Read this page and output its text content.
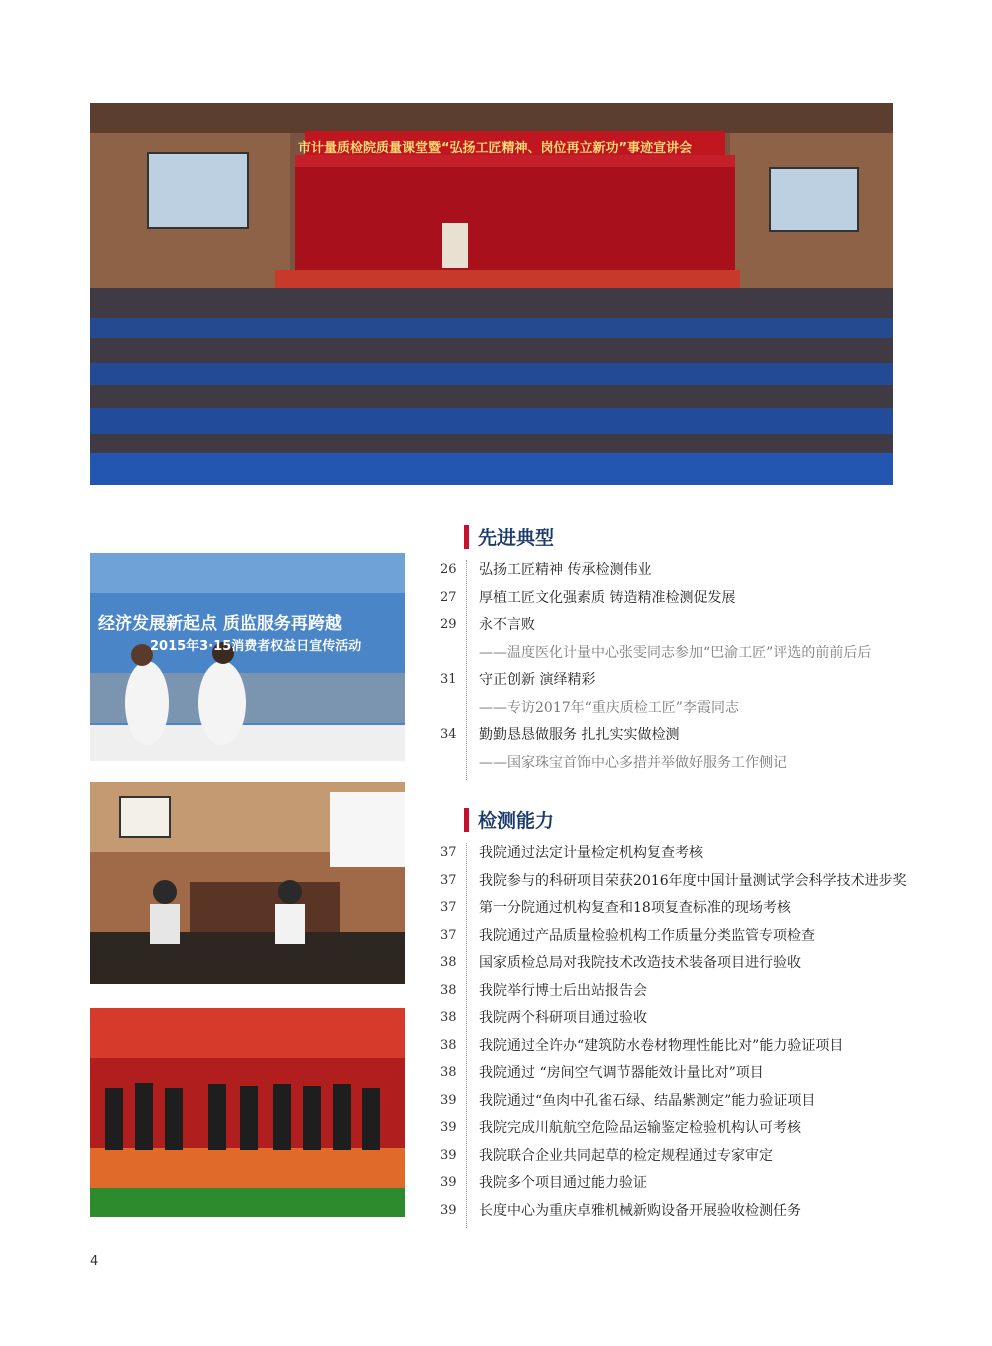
市计量质检院质量课堂暨“弘扬工匠精神、岗位再立新功”事迹宣讲会
经济发展新起点 质监服务再跨越
2015年3·15消费者权益日宣传活动
先进典型
26	弘扬工匠精神 传承检测伟业
27	厚植工匠文化强素质 铸造精准检测促发展
29	永不言败
——温度医化计量中心张雯同志参加“巴渝工匠”评选的前前后后
31	守正创新 演绎精彩
——专访2017年“重庆质检工匠”李霞同志
34	勤勤恳恳做服务 扎扎实实做检测
——国家珠宝首饰中心多措并举做好服务工作侧记
检测能力
37	我院通过法定计量检定机构复查考核
37	我院参与的科研项目荣获2016年度中国计量测试学会科学技术进步奖
37	第一分院通过机构复查和18项复查标准的现场考核
37	我院通过产品质量检验机构工作质量分类监管专项检查
38	国家质检总局对我院技术改造技术装备项目进行验收
38	我院举行博士后出站报告会
38	我院两个科研项目通过验收
38	我院通过全许办“建筑防水卷材物理性能比对”能力验证项目
38	我院通过 “房间空气调节器能效计量比对”项目
39	我院通过“鱼肉中孔雀石绿、结晶紫测定”能力验证项目
39	我院完成川航航空危险品运输鉴定检验机构认可考核
39	我院联合企业共同起草的检定规程通过专家审定
39	我院多个项目通过能力验证
39	长度中心为重庆卓雅机械新购设备开展验收检测任务
4
